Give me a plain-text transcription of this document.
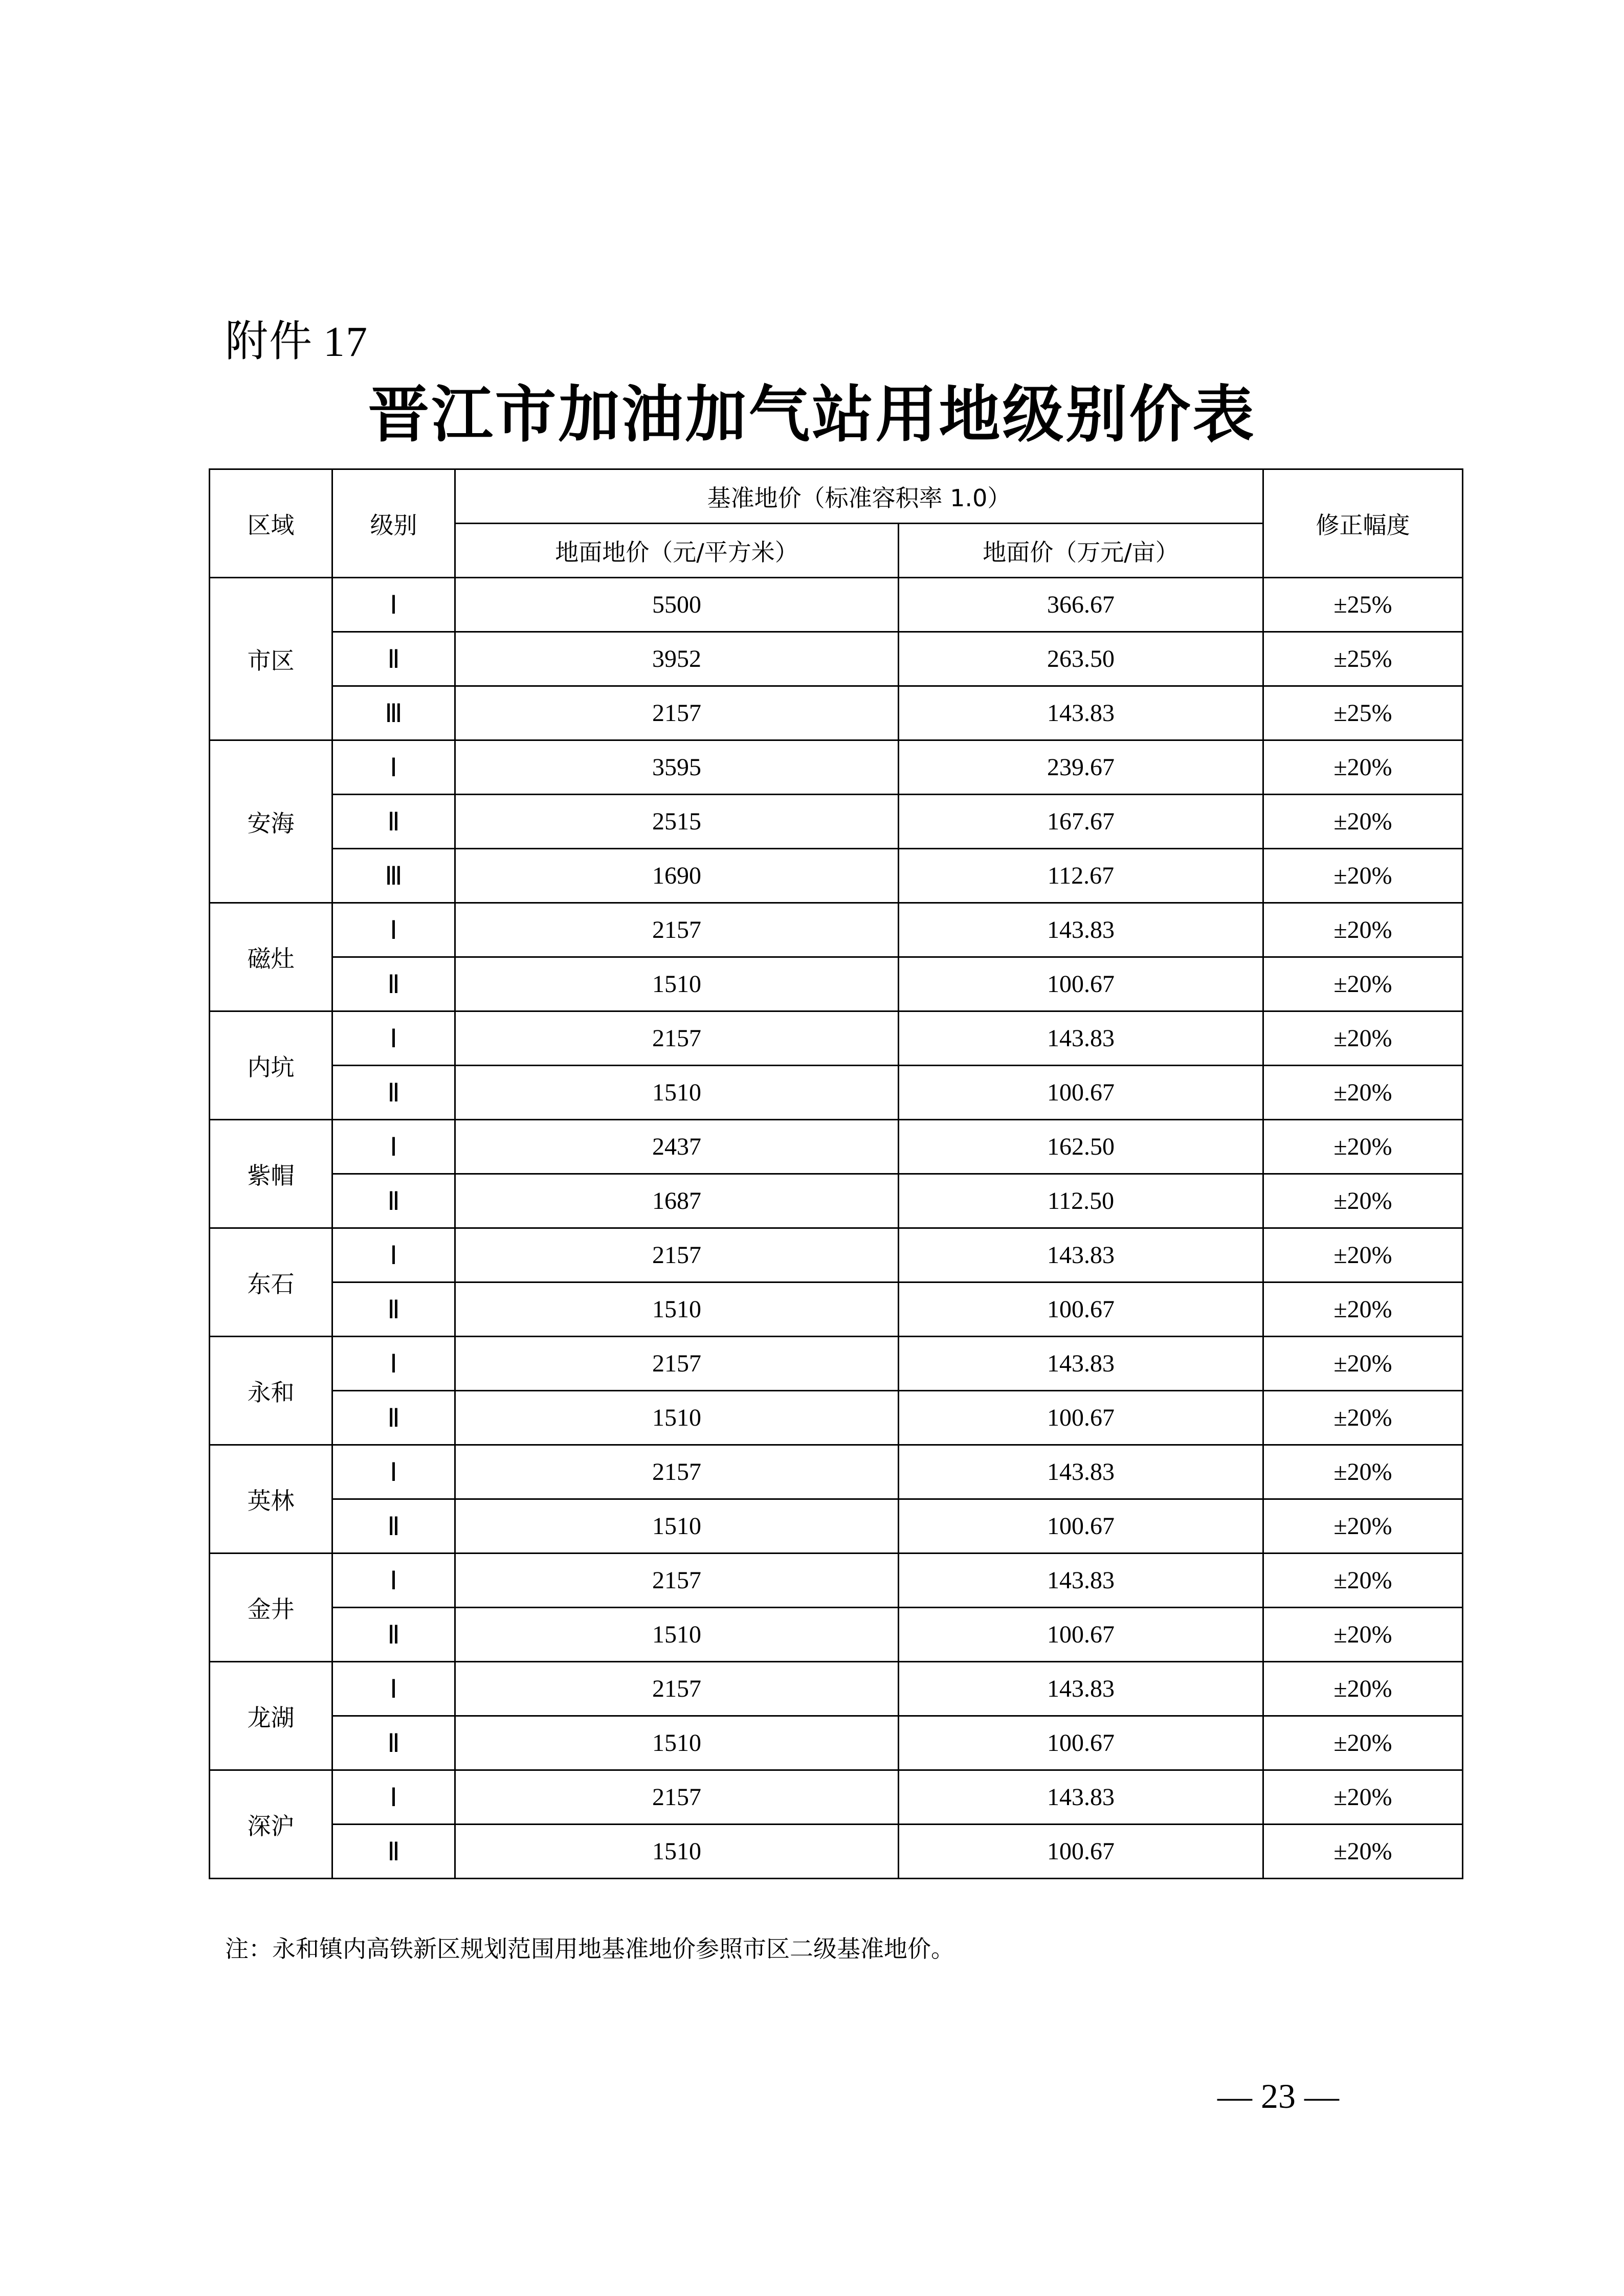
附件 17
晋江市加油加气站用地级别价表
区域	级别	基准地价（标准容积率 1.0）		修正幅度
		地面地价（元/平方米）	地面价（万元/亩）	
市区	Ⅰ	5500	366.67	±25%
	Ⅱ	3952	263.50	±25%
	Ⅲ	2157	143.83	±25%
安海	Ⅰ	3595	239.67	±20%
	Ⅱ	2515	167.67	±20%
	Ⅲ	1690	112.67	±20%
磁灶	Ⅰ	2157	143.83	±20%
	Ⅱ	1510	100.67	±20%
内坑	Ⅰ	2157	143.83	±20%
	Ⅱ	1510	100.67	±20%
紫帽	Ⅰ	2437	162.50	±20%
	Ⅱ	1687	112.50	±20%
东石	Ⅰ	2157	143.83	±20%
	Ⅱ	1510	100.67	±20%
永和	Ⅰ	2157	143.83	±20%
	Ⅱ	1510	100.67	±20%
英林	Ⅰ	2157	143.83	±20%
	Ⅱ	1510	100.67	±20%
金井	Ⅰ	2157	143.83	±20%
	Ⅱ	1510	100.67	±20%
龙湖	Ⅰ	2157	143.83	±20%
	Ⅱ	1510	100.67	±20%
深沪	Ⅰ	2157	143.83	±20%
	Ⅱ	1510	100.67	±20%
注：永和镇内高铁新区规划范围用地基准地价参照市区二级基准地价。
— 23 —
